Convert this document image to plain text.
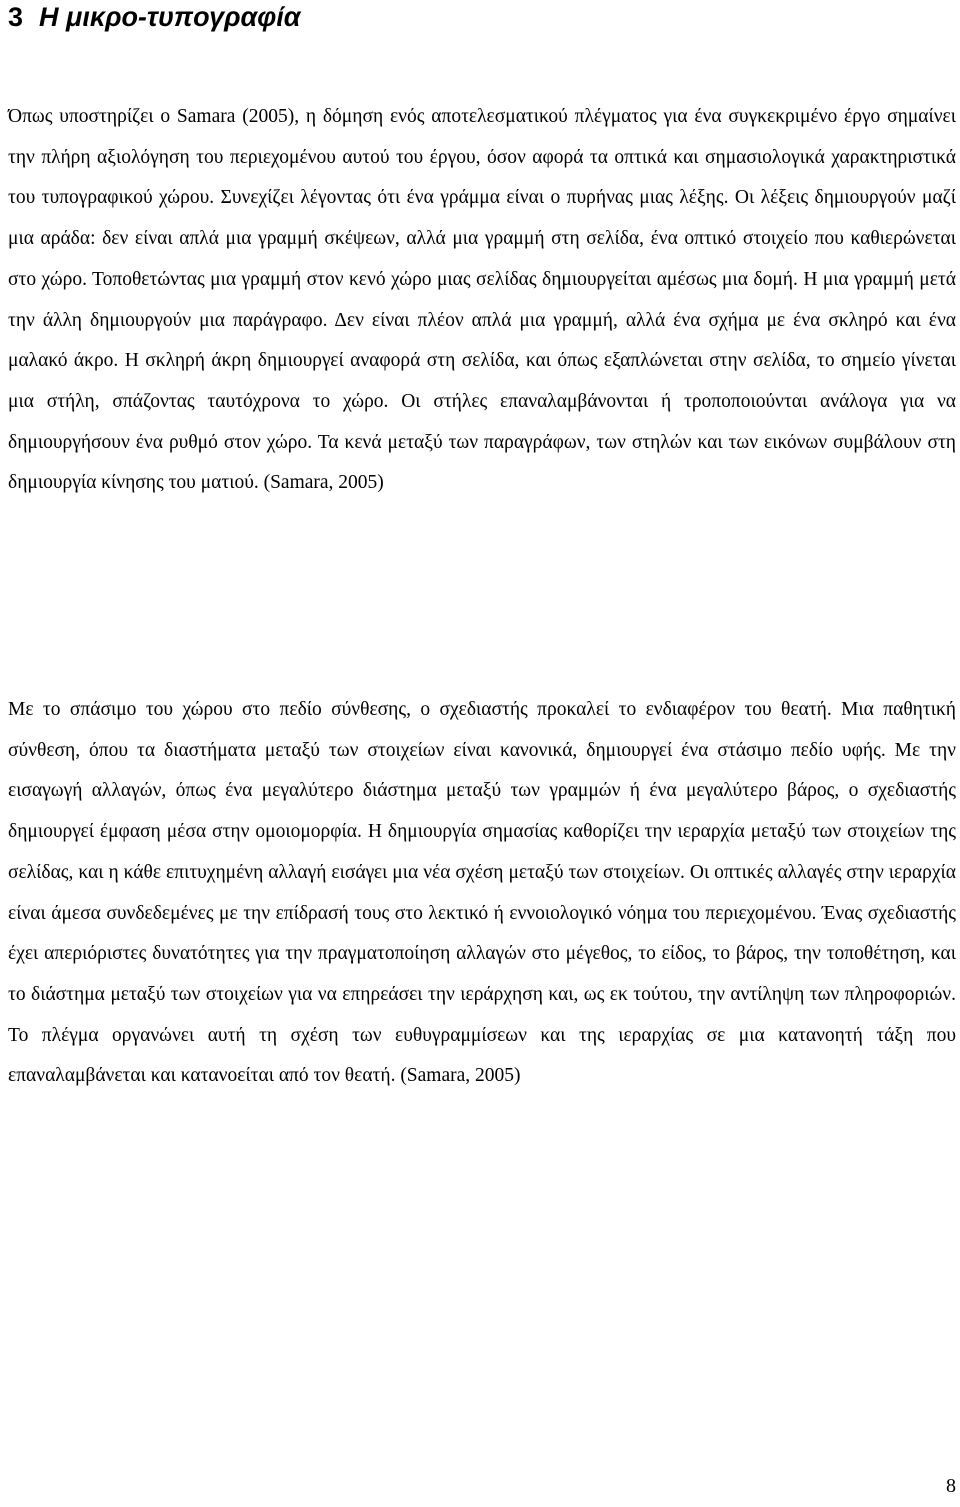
3 Η μικρο-τυπογραφία

Όπως υποστηρίζει ο Samara (2005), η δόμηση ενός αποτελεσματικού πλέγματος για ένα συγκεκριμένο έργο σημαίνει την πλήρη αξιολόγηση του περιεχομένου αυτού του έργου, όσον αφορά τα οπτικά και σημασιολογικά χαρακτηριστικά του τυπογραφικού χώρου. Συνεχίζει λέγοντας ότι ένα γράμμα είναι ο πυρήνας μιας λέξης. Οι λέξεις δημιουργούν μαζί μια αράδα: δεν είναι απλά μια γραμμή σκέψεων, αλλά μια γραμμή στη σελίδα, ένα οπτικό στοιχείο που καθιερώνεται στο χώρο. Τοποθετώντας μια γραμμή στον κενό χώρο μιας σελίδας δημιουργείται αμέσως μια δομή. Η μια γραμμή μετά την άλλη δημιουργούν μια παράγραφο. Δεν είναι πλέον απλά μια γραμμή, αλλά ένα σχήμα με ένα σκληρό και ένα μαλακό άκρο. Η σκληρή άκρη δημιουργεί αναφορά στη σελίδα, και όπως εξαπλώνεται στην σελίδα, το σημείο γίνεται μια στήλη, σπάζοντας ταυτόχρονα το χώρο. Οι στήλες επαναλαμβάνονται ή τροποποιούνται ανάλογα για να δημιουργήσουν ένα ρυθμό στον χώρο. Τα κενά μεταξύ των παραγράφων, των στηλών και των εικόνων συμβάλουν στη δημιουργία κίνησης του ματιού. (Samara, 2005)

Με το σπάσιμο του χώρου στο πεδίο σύνθεσης, ο σχεδιαστής προκαλεί το ενδιαφέρον του θεατή. Μια παθητική σύνθεση, όπου τα διαστήματα μεταξύ των στοιχείων είναι κανονικά, δημιουργεί ένα στάσιμο πεδίο υφής. Με την εισαγωγή αλλαγών, όπως ένα μεγαλύτερο διάστημα μεταξύ των γραμμών ή ένα μεγαλύτερο βάρος, ο σχεδιαστής δημιουργεί έμφαση μέσα στην ομοιομορφία. Η δημιουργία σημασίας καθορίζει την ιεραρχία μεταξύ των στοιχείων της σελίδας, και η κάθε επιτυχημένη αλλαγή εισάγει μια νέα σχέση μεταξύ των στοιχείων. Οι οπτικές αλλαγές στην ιεραρχία είναι άμεσα συνδεδεμένες με την επίδρασή τους στο λεκτικό ή εννοιολογικό νόημα του περιεχομένου. Ένας σχεδιαστής έχει απεριόριστες δυνατότητες για την πραγματοποίηση αλλαγών στο μέγεθος, το είδος, το βάρος, την τοποθέτηση, και το διάστημα μεταξύ των στοιχείων για να επηρεάσει την ιεράρχηση και, ως εκ τούτου, την αντίληψη των πληροφοριών. Το πλέγμα οργανώνει αυτή τη σχέση των ευθυγραμμίσεων και της ιεραρχίας σε μια κατανοητή τάξη που επαναλαμβάνεται και κατανοείται από τον θεατή. (Samara, 2005)

8
